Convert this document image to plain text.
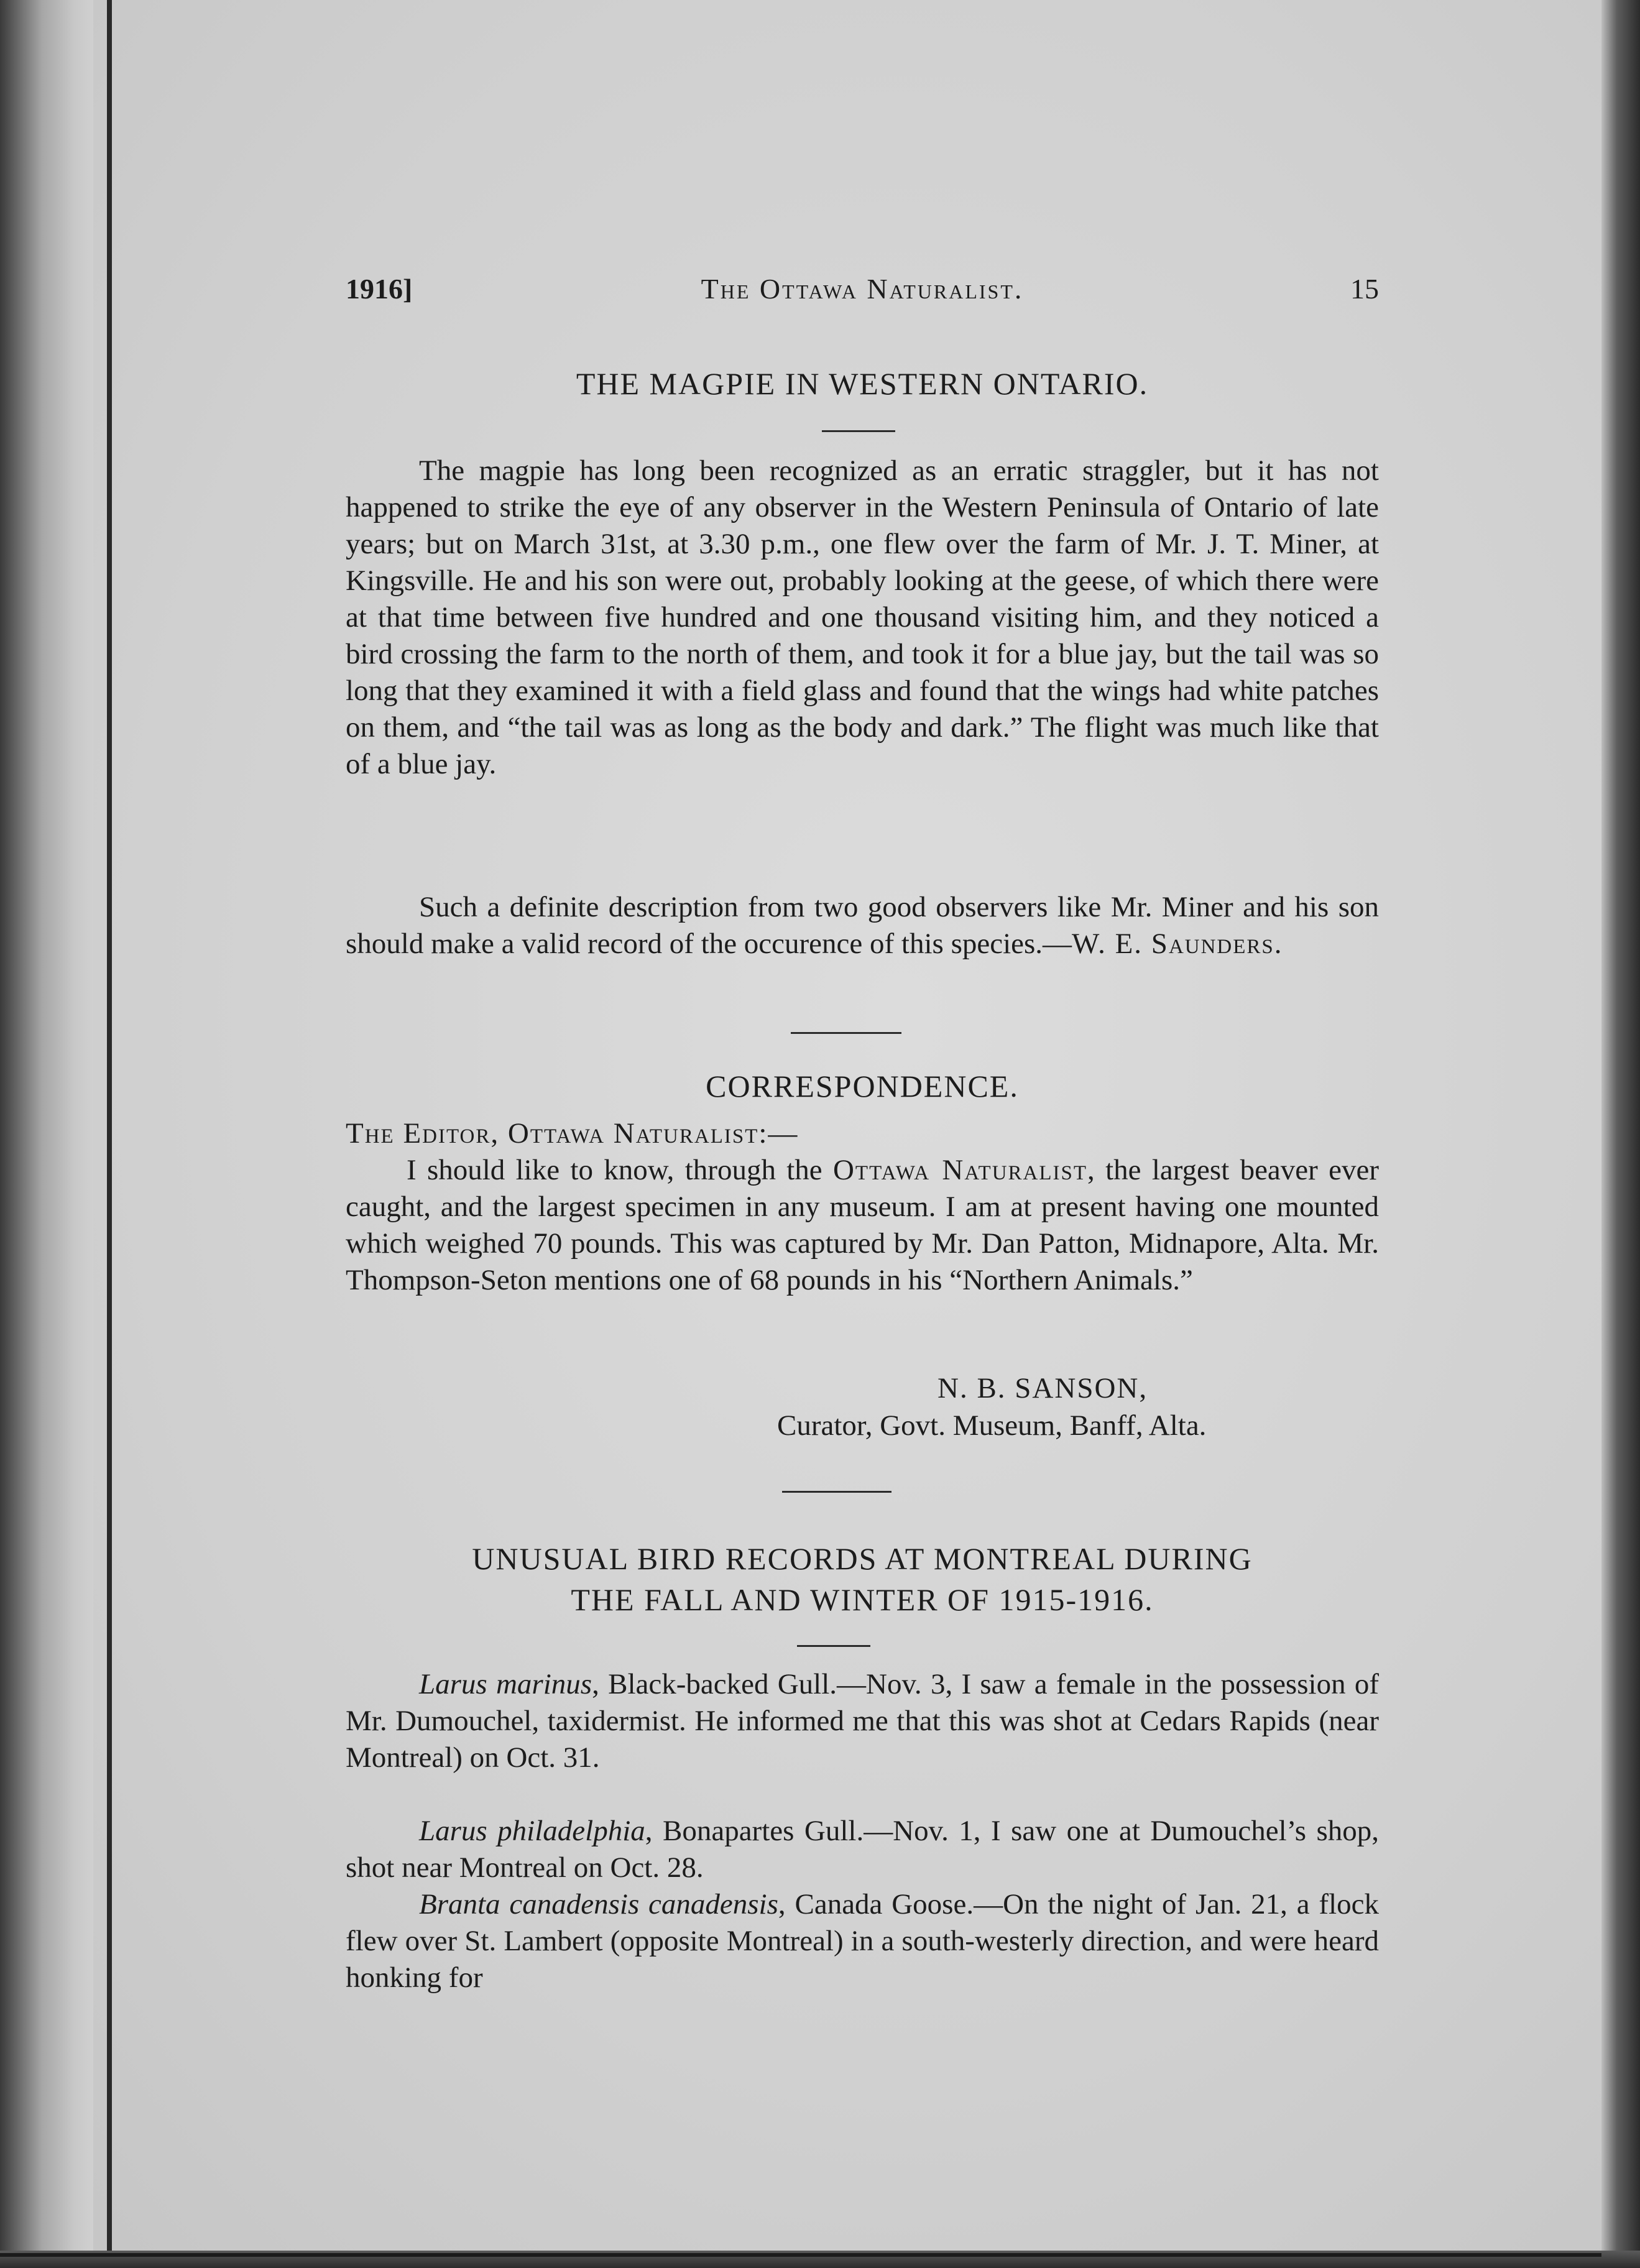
1916]	The Ottawa Naturalist.	15
THE MAGPIE IN WESTERN ONTARIO.

The magpie has long been recognized as an erratic straggler, but it has not happened to strike the eye of any observer in the Western Peninsula of Ontario of late years; but on March 31st, at 3.30 p.m., one flew over the farm of Mr. J. T. Miner, at Kingsville. He and his son were out, probably looking at the geese, of which there were at that time between five hundred and one thousand visiting him, and they noticed a bird crossing the farm to the north of them, and took it for a blue jay, but the tail was so long that they examined it with a field glass and found that the wings had white patches on them, and “the tail was as long as the body and dark.” The flight was much like that of a blue jay.

Such a definite description from two good observers like Mr. Miner and his son should make a valid record of the occurence of this species.—W. E. Saunders.

CORRESPONDENCE.

The Editor, Ottawa Naturalist:—

I should like to know, through the Ottawa Naturalist, the largest beaver ever caught, and the largest specimen in any museum. I am at present having one mounted which weighed 70 pounds. This was captured by Mr. Dan Patton, Midnapore, Alta. Mr. Thompson-Seton mentions one of 68 pounds in his “Northern Animals.”

N. B. SANSON,
Curator, Govt. Museum, Banff, Alta.
UNUSUAL BIRD RECORDS AT MONTREAL DURING
THE FALL AND WINTER OF 1915-1916.

Larus marinus, Black-backed Gull.—Nov. 3, I saw a female in the possession of Mr. Dumouchel, taxidermist. He informed me that this was shot at Cedars Rapids (near Montreal) on Oct. 31.

Larus philadelphia, Bonapartes Gull.—Nov. 1, I saw one at Dumouchel’s shop, shot near Montreal on Oct. 28.

Branta canadensis canadensis, Canada Goose.—On the night of Jan. 21, a flock flew over St. Lambert (opposite Montreal) in a south-westerly direction, and were heard honking for
